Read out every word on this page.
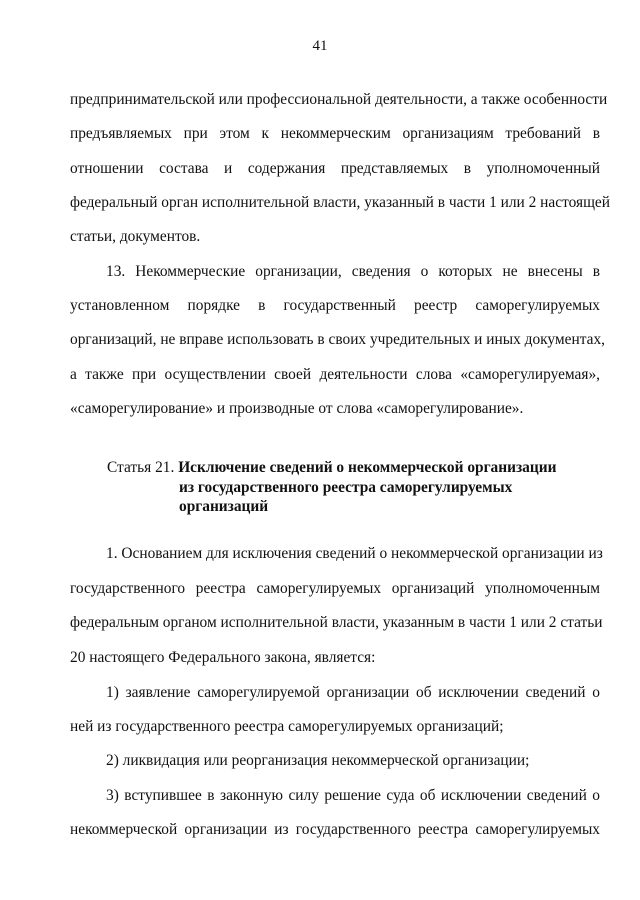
41
предпринимательской или профессиональной деятельности, а также особенности
предъявляемых при этом к некоммерческим организациям требований в
отношении состава и содержания представляемых в уполномоченный
федеральный орган исполнительной власти, указанный в части 1 или 2 настоящей
статьи, документов.
13. Некоммерческие организации, сведения о которых не внесены в
установленном порядке в государственный реестр саморегулируемых
организаций, не вправе использовать в своих учредительных и иных документах,
а также при осуществлении своей деятельности слова «саморегулируемая»,
«саморегулирование» и производные от слова «саморегулирование».
Статья 21. Исключение сведений о некоммерческой организации
из государственного реестра саморегулируемых
организаций
1. Основанием для исключения сведений о некоммерческой организации из
государственного реестра саморегулируемых организаций уполномоченным
федеральным органом исполнительной власти, указанным в части 1 или 2 статьи
20 настоящего Федерального закона, является:
1) заявление саморегулируемой организации об исключении сведений о
ней из государственного реестра саморегулируемых организаций;
2) ликвидация или реорганизация некоммерческой организации;
3) вступившее в законную силу решение суда об исключении сведений о
некоммерческой организации из государственного реестра саморегулируемых
